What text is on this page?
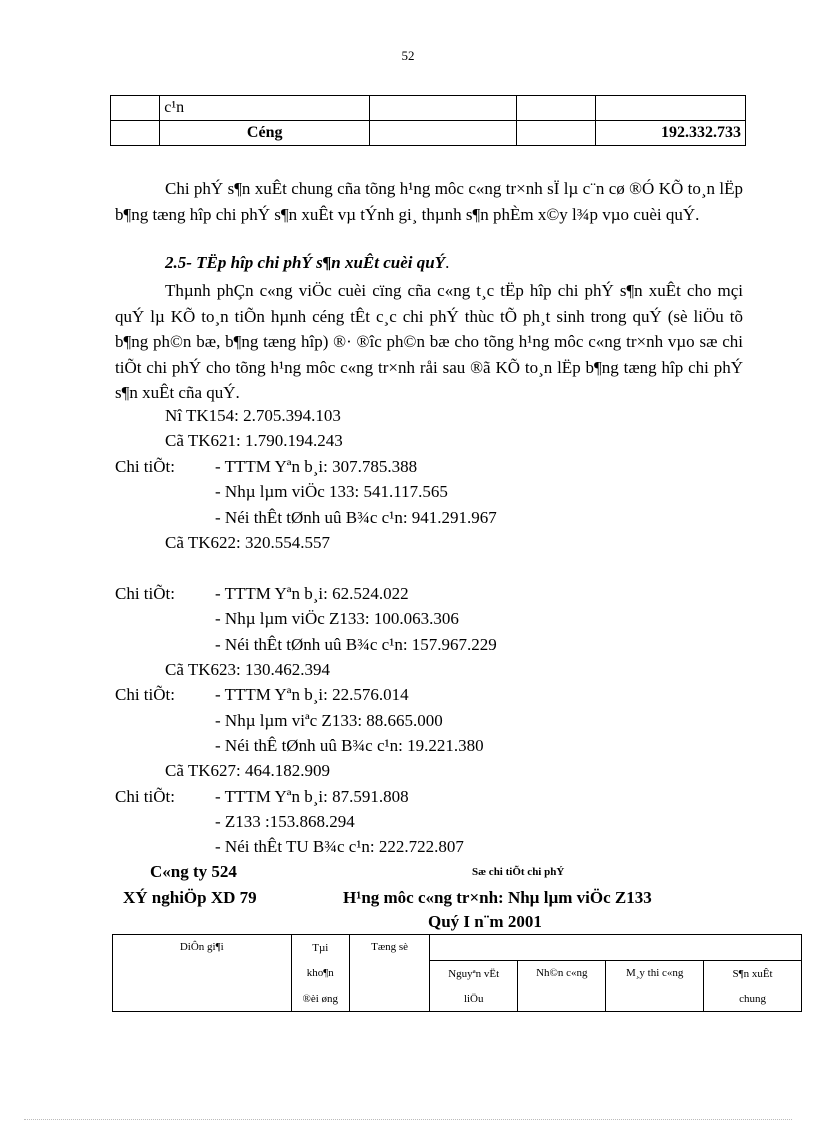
52
	c¹n			
	Céng			192.332.733
Chi phÝ s¶n xuÊt chung cña tõng h¹ng môc c«ng tr×nh sÏ lµ c¨n cø ®Ó KÕ to¸n lËp b¶ng tæng hîp chi phÝ s¶n xuÊt vµ tÝnh gi¸ thµnh s¶n phÈm x©y l¾p vµo cuèi quÝ.
2.5- TËp hîp chi phÝ s¶n xuÊt cuèi quÝ.
Thµnh phÇn c«ng viÖc cuèi cïng cña c«ng t¸c tËp hîp chi phÝ s¶n xuÊt cho mçi quÝ lµ KÕ to¸n tiÕn hµnh céng tÊt c¸c chi phÝ thùc tÕ ph¸t sinh trong quÝ (sè liÖu tõ b¶ng ph©n bæ, b¶ng tæng hîp) ®· ®îc ph©n bæ cho tõng h¹ng môc c«ng tr×nh vµo sæ chi tiÕt chi phÝ cho tõng h¹ng môc c«ng tr×nh råi sau ®ã KÕ to¸n lËp b¶ng tæng hîp chi phÝ s¶n xuÊt cña quÝ.
Nî TK154: 2.705.394.103
Cã TK621: 1.790.194.243
Chi tiÕt: - TTTM Yªn b¸i: 307.785.388
- Nhµ lµm viÖc 133: 541.117.565
- Néi thÊt tØnh uû B¾c c¹n: 941.291.967
Cã TK622: 320.554.557
Chi tiÕt: - TTTM Yªn b¸i: 62.524.022
- Nhµ lµm viÖc Z133: 100.063.306
- Néi thÊt tØnh uû B¾c c¹n: 157.967.229
Cã TK623: 130.462.394
Chi tiÕt: - TTTM Yªn b¸i: 22.576.014
- Nhµ lµm viªc Z133: 88.665.000
- Néi thÊ tØnh uû B¾c c¹n: 19.221.380
Cã TK627: 464.182.909
Chi tiÕt: - TTTM Yªn b¸i: 87.591.808
- Z133 :153.868.294
- Néi thÊt TU B¾c c¹n: 222.722.807
C«ng ty 524	Sæ chi tiÕt chi phÝ
XÝ nghiÖp XD 79	H¹ng môc c«ng tr×nh: Nhµ lµm viÖc Z133
Quý I n¨m 2001
DiÔn gi¶i	Tµi	Tæng sè				
	kho¶n		Nguyªn vËt	Nh©n c«ng	M¸y thi c«ng	S¶n xuÊt
	®èi øng		liÖu			chung
